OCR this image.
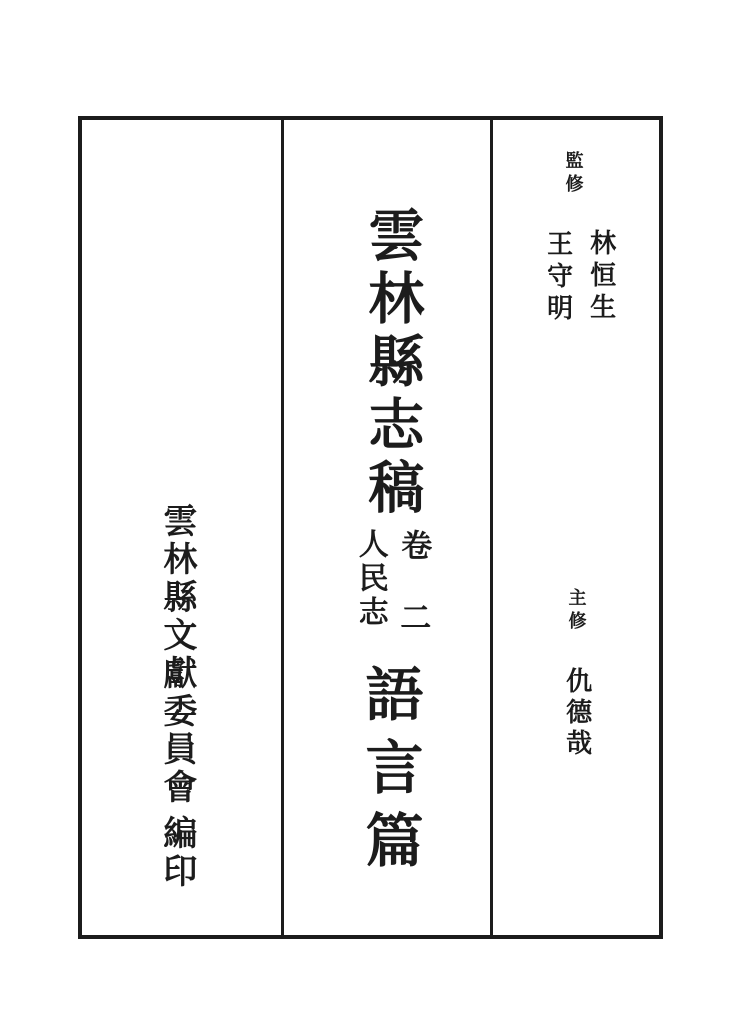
雲林縣志稿
卷
二
人民志
語言篇
監修
林恒生
王守明
主修
仇德哉
雲林縣文獻委員會
編印
